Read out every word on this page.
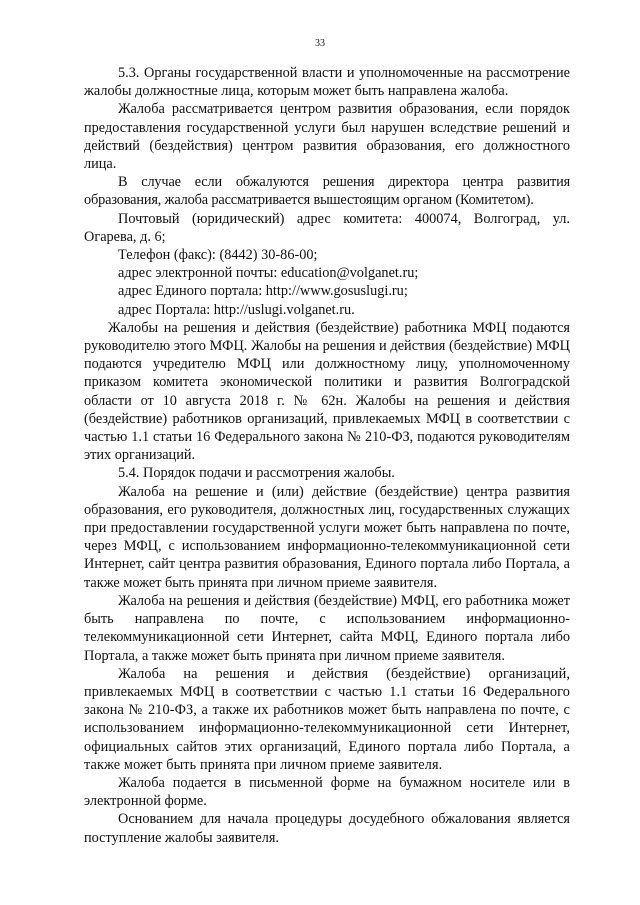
33

5.3. Органы государственной власти и уполномоченные на рассмотрение жалобы должностные лица, которым может быть направлена жалоба.

Жалоба рассматривается центром развития образования, если порядок предоставления государственной услуги был нарушен вследствие решений и действий (бездействия) центром развития образования, его должностного лица.

В случае если обжалуются решения директора центра развития образования, жалоба рассматривается вышестоящим органом (Комитетом).

Почтовый (юридический) адрес комитета: 400074, Волгоград, ул. Огарева, д. 6;

Телефон (факс): (8442) 30-86-00;

адрес электронной почты: education@volganet.ru;

адрес Единого портала: http://www.gosuslugi.ru;

адрес Портала: http://uslugi.volganet.ru.

Жалобы на решения и действия (бездействие) работника МФЦ подаются руководителю этого МФЦ. Жалобы на решения и действия (бездействие) МФЦ подаются учредителю МФЦ или должностному лицу, уполномоченному приказом комитета экономической политики и развития Волгоградской области от 10 августа 2018 г. № 62н. Жалобы на решения и действия (бездействие) работников организаций, привлекаемых МФЦ в соответствии с частью 1.1 статьи 16 Федерального закона № 210-ФЗ, подаются руководителям этих организаций.

5.4. Порядок подачи и рассмотрения жалобы.

Жалоба на решение и (или) действие (бездействие) центра развития образования, его руководителя, должностных лиц, государственных служащих при предоставлении государственной услуги может быть направлена по почте, через МФЦ, с использованием информационно-телекоммуникационной сети Интернет, сайт центра развития образования, Единого портала либо Портала, а также может быть принята при личном приеме заявителя.

Жалоба на решения и действия (бездействие) МФЦ, его работника может быть направлена по почте, с использованием информационно-телекоммуникационной сети Интернет, сайта МФЦ, Единого портала либо Портала, а также может быть принята при личном приеме заявителя.

Жалоба на решения и действия (бездействие) организаций, привлекаемых МФЦ в соответствии с частью 1.1 статьи 16 Федерального закона № 210-ФЗ, а также их работников может быть направлена по почте, с использованием информационно-телекоммуникационной сети Интернет, официальных сайтов этих организаций, Единого портала либо Портала, а также может быть принята при личном приеме заявителя.

Жалоба подается в письменной форме на бумажном носителе или в электронной форме.

Основанием для начала процедуры досудебного обжалования является поступление жалобы заявителя.
